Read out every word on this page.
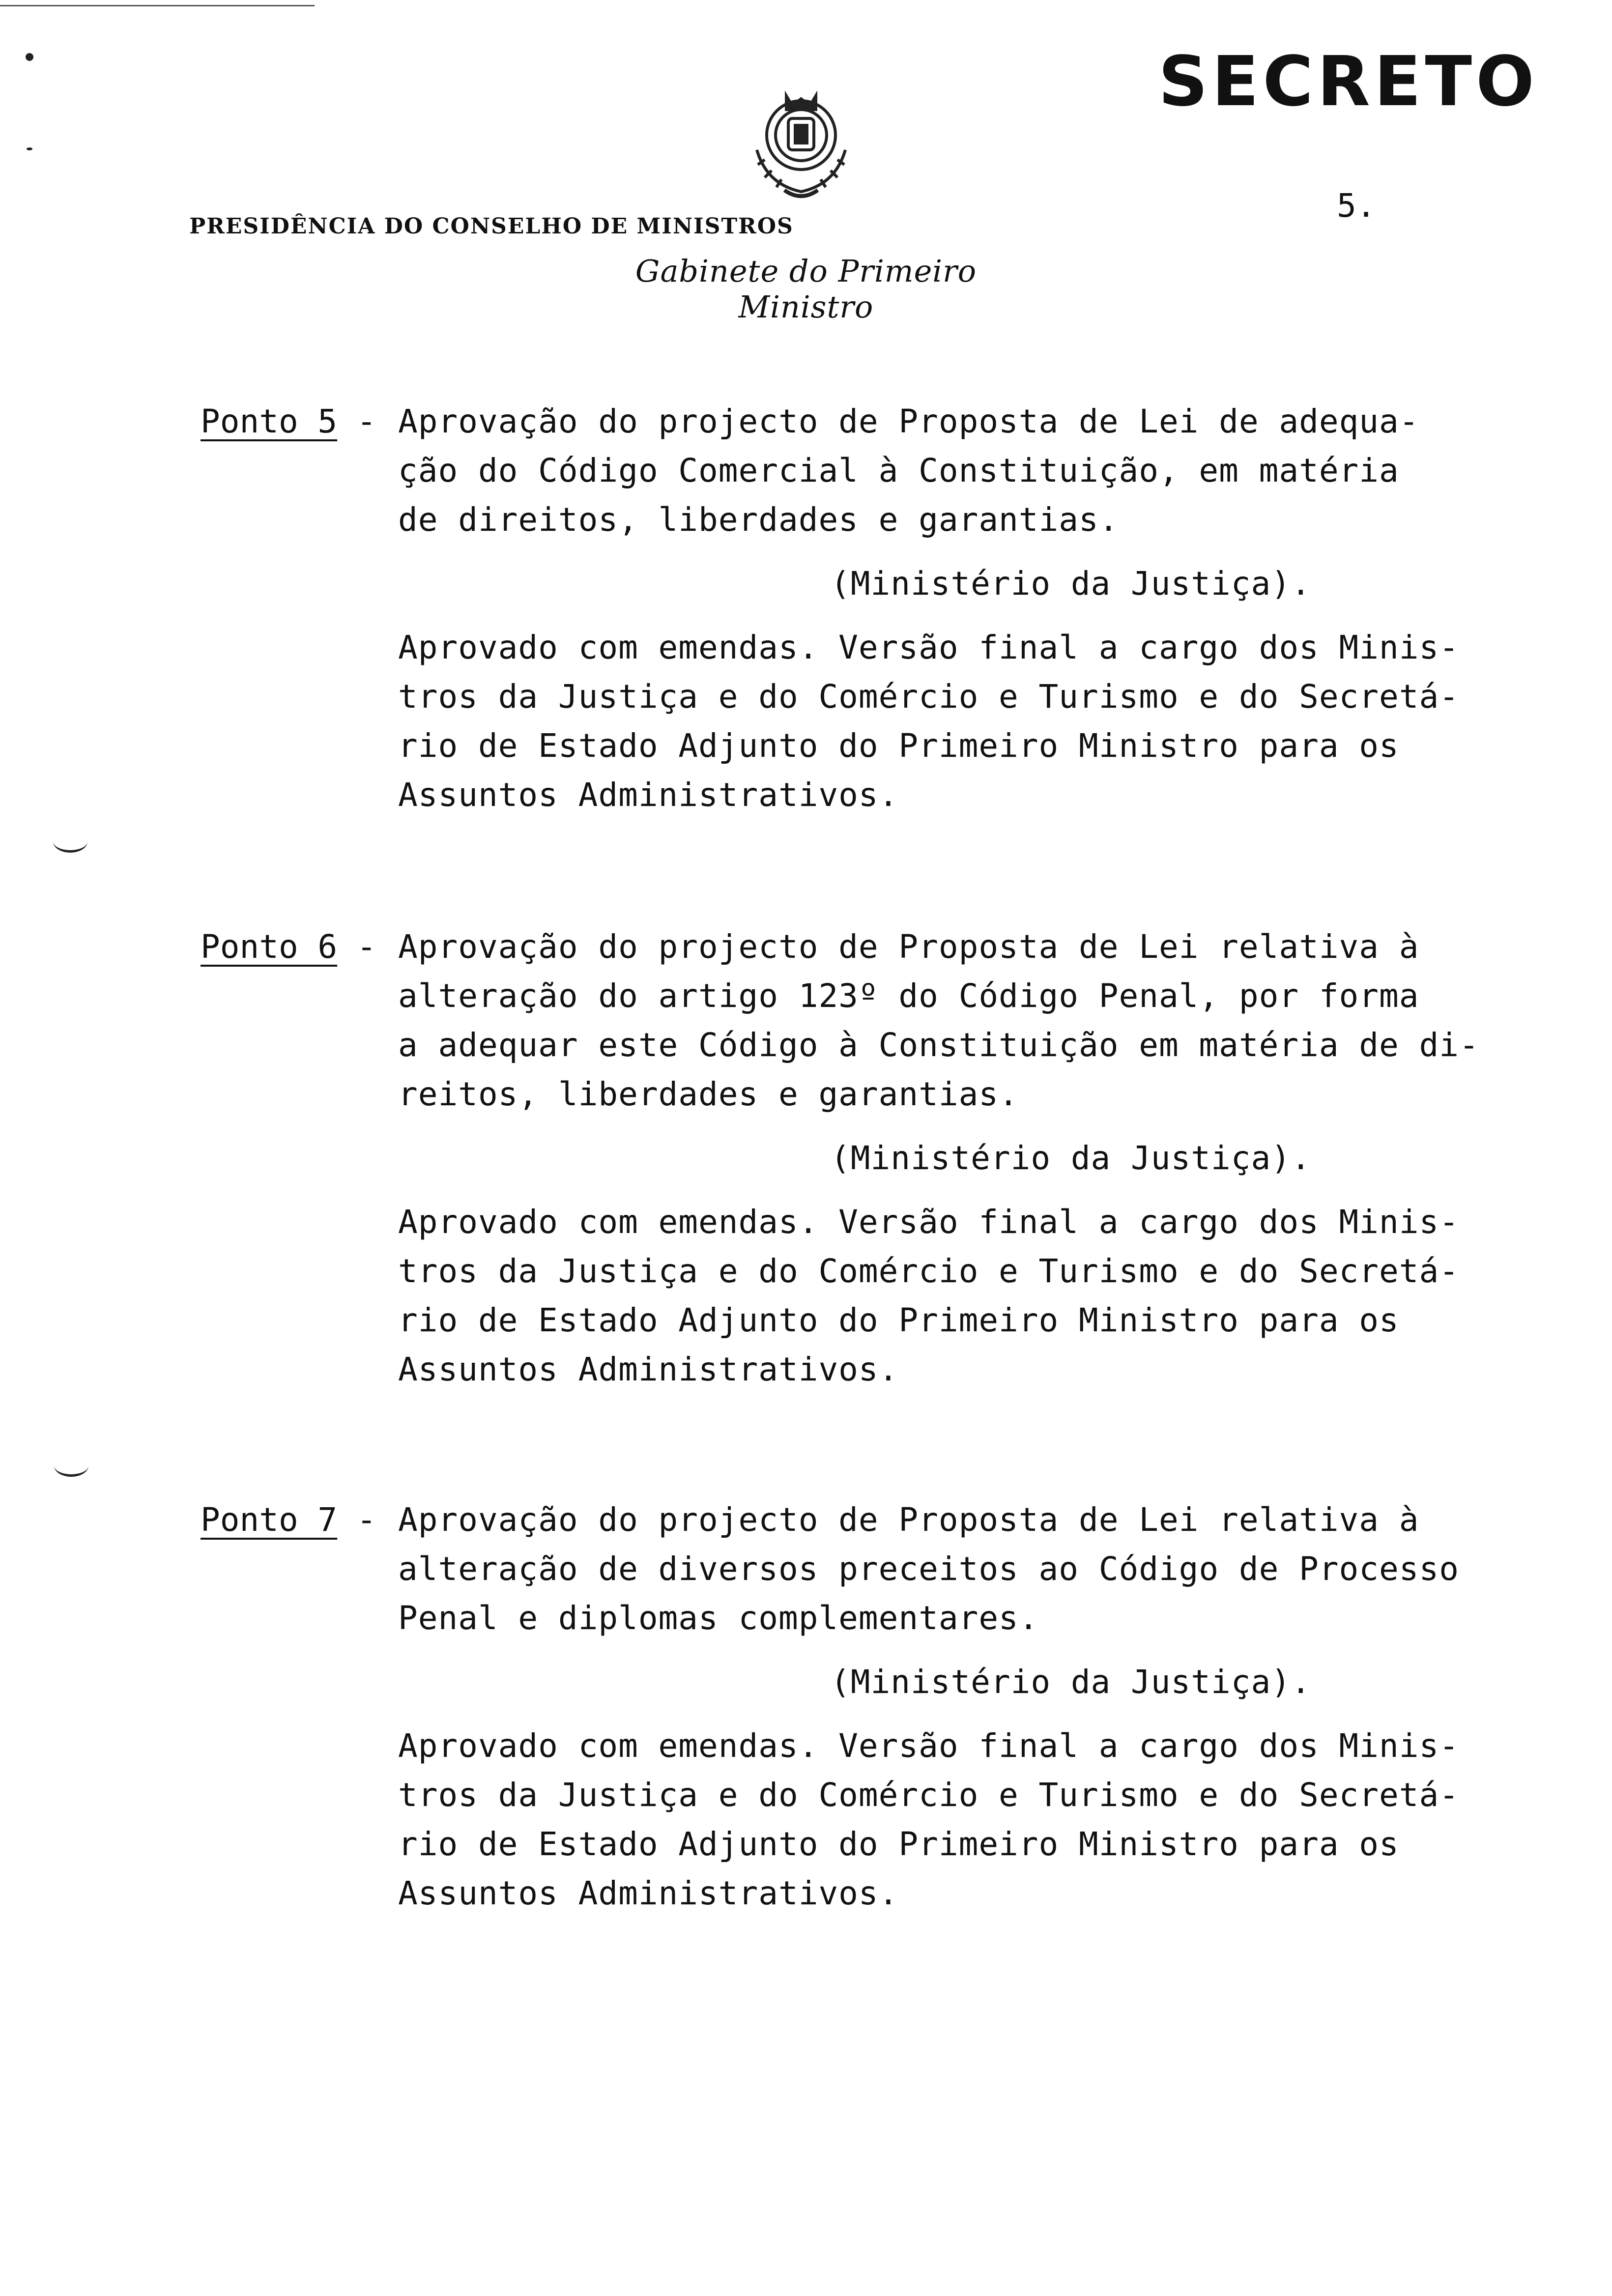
SECRETO
5.
PRESIDÊNCIA DO CONSELHO DE MINISTROS
Gabinete do Primeiro Ministro
Ponto 5 - Aprovação do projecto de Proposta de Lei de adequa-
ção do Código Comercial à Constituição, em matéria
de direitos, liberdades e garantias.
(Ministério da Justiça).
Aprovado com emendas. Versão final a cargo dos Minis-
tros da Justiça e do Comércio e Turismo e do Secretá-
rio de Estado Adjunto do Primeiro Ministro para os
Assuntos Administrativos.
Ponto 6 - Aprovação do projecto de Proposta de Lei relativa à
alteração do artigo 123º do Código Penal, por forma
a adequar este Código à Constituição em matéria de di-
reitos, liberdades e garantias.
(Ministério da Justiça).
Aprovado com emendas. Versão final a cargo dos Minis-
tros da Justiça e do Comércio e Turismo e do Secretá-
rio de Estado Adjunto do Primeiro Ministro para os
Assuntos Administrativos.
Ponto 7 - Aprovação do projecto de Proposta de Lei relativa à
alteração de diversos preceitos ao Código de Processo
Penal e diplomas complementares.
(Ministério da Justiça).
Aprovado com emendas. Versão final a cargo dos Minis-
tros da Justiça e do Comércio e Turismo e do Secretá-
rio de Estado Adjunto do Primeiro Ministro para os
Assuntos Administrativos.
